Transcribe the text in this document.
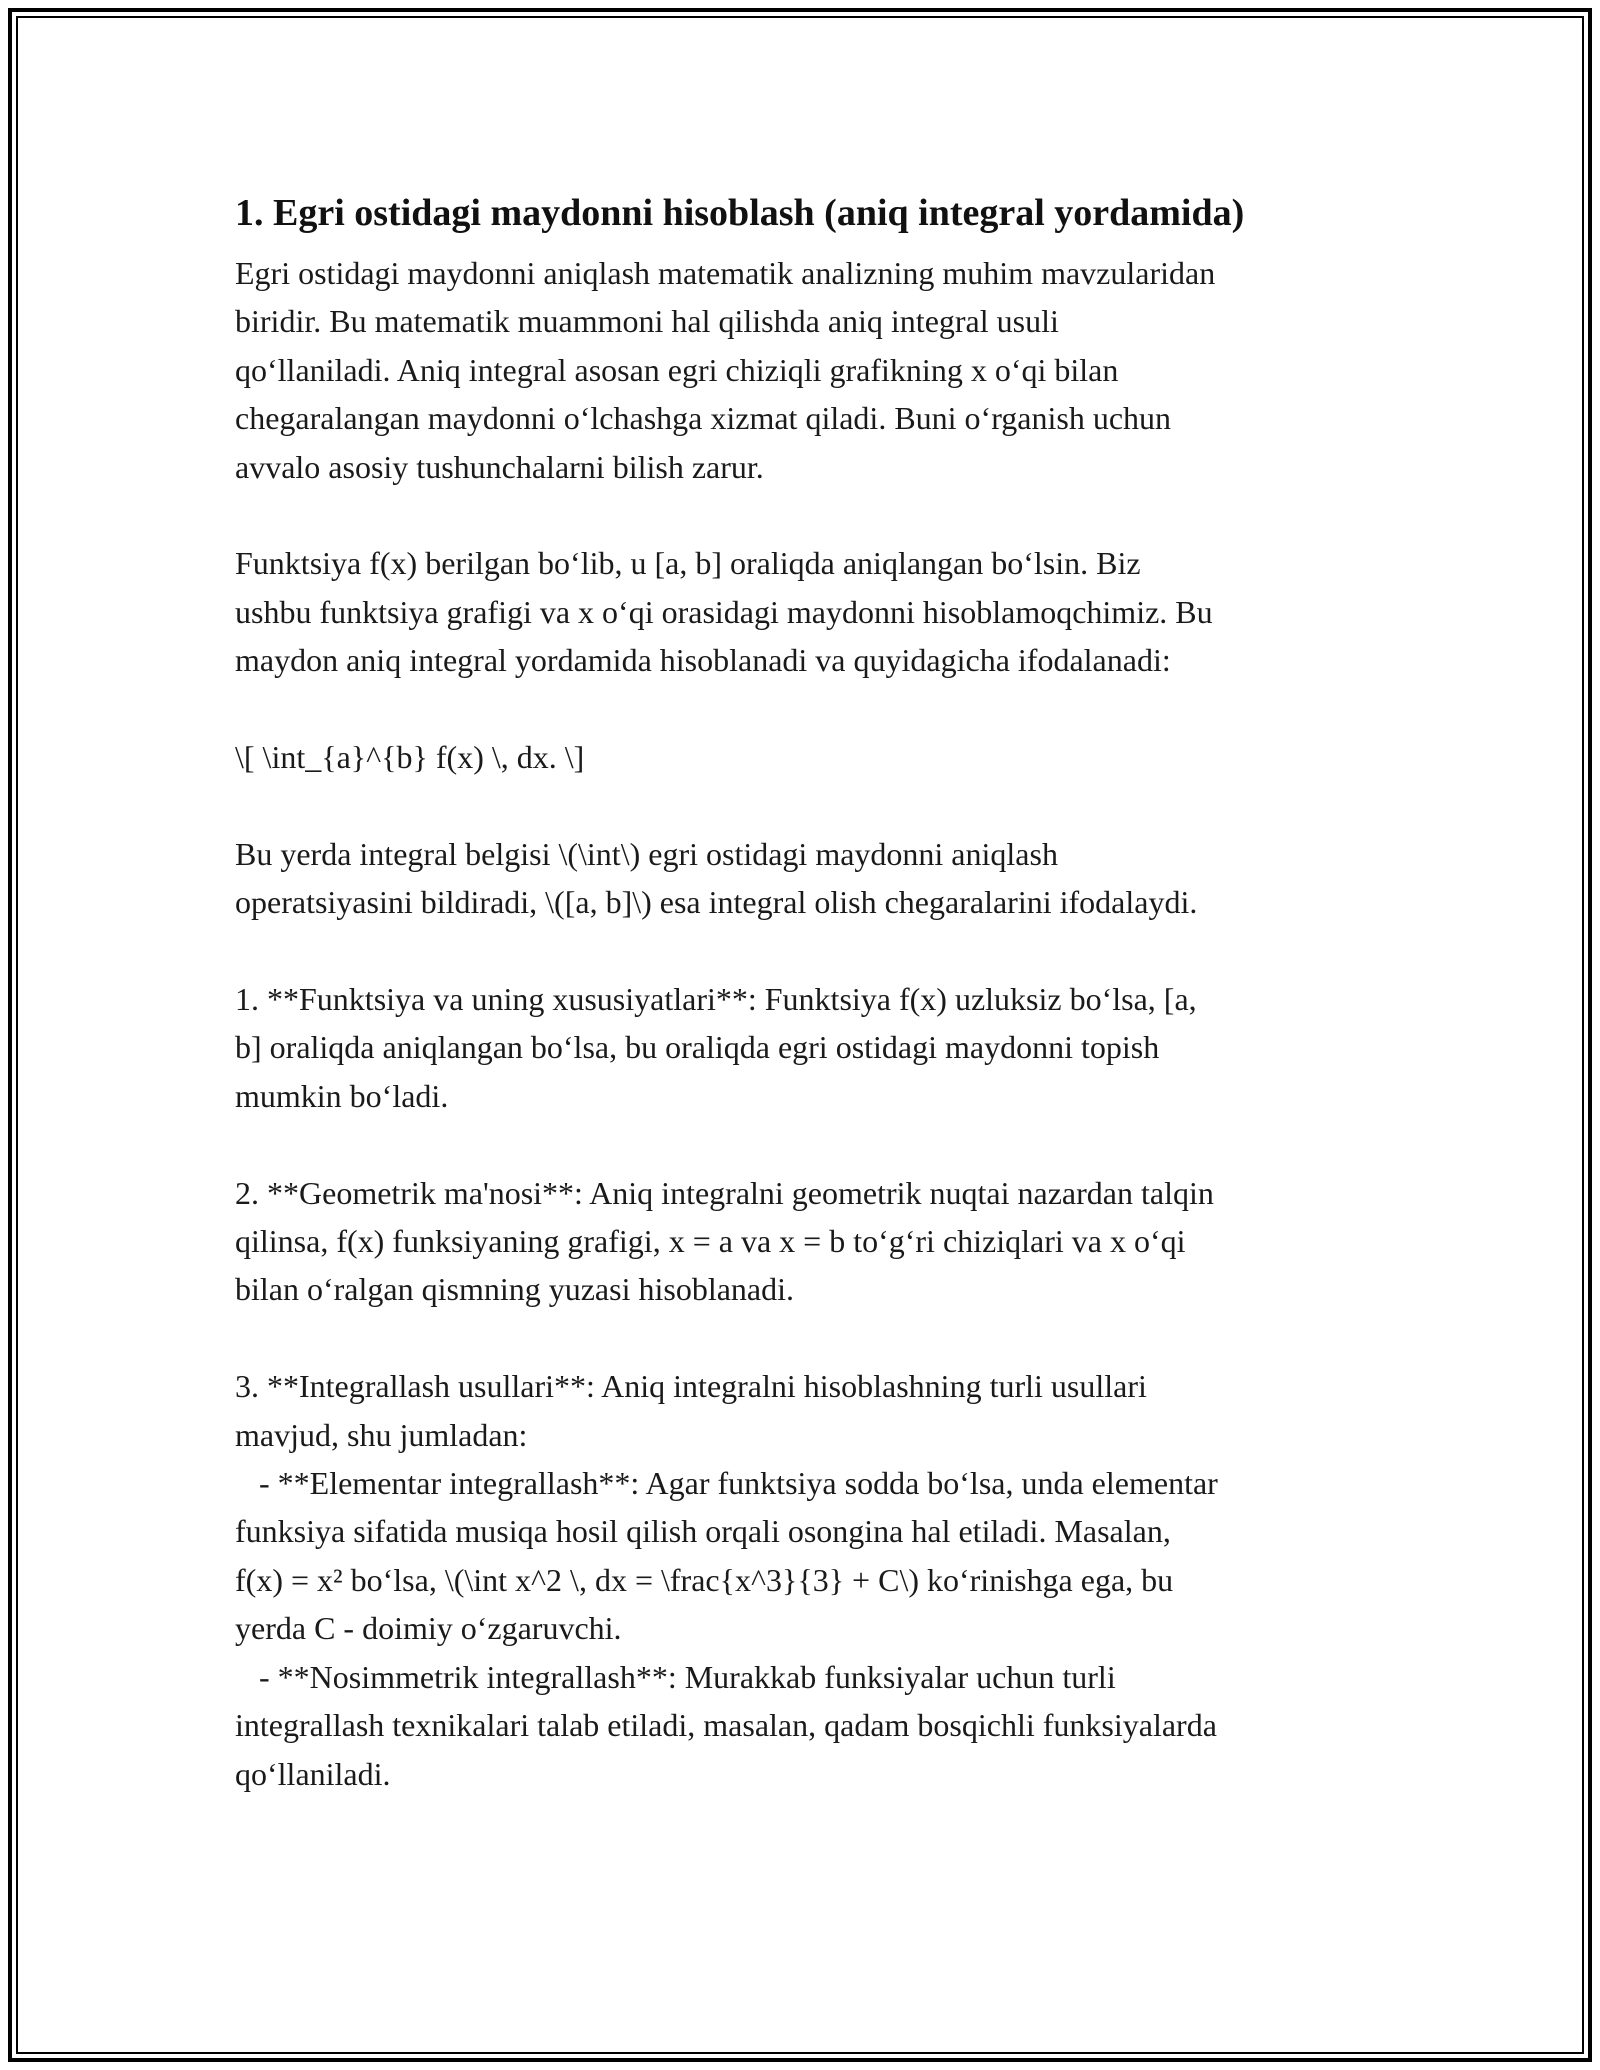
1. Egri ostidagi maydonni hisoblash (aniq integral yordamida)
Egri ostidagi maydonni aniqlash matematik analizning muhim mavzularidan
biridir. Bu matematik muammoni hal qilishda aniq integral usuli
qo‘llaniladi. Aniq integral asosan egri chiziqli grafikning x o‘qi bilan
chegaralangan maydonni o‘lchashga xizmat qiladi. Buni o‘rganish uchun
avvalo asosiy tushunchalarni bilish zarur.
Funktsiya f(x) berilgan bo‘lib, u [a, b] oraliqda aniqlangan bo‘lsin. Biz
ushbu funktsiya grafigi va x o‘qi orasidagi maydonni hisoblamoqchimiz. Bu
maydon aniq integral yordamida hisoblanadi va quyidagicha ifodalanadi:
\[ \int_{a}^{b} f(x) \, dx. \]
Bu yerda integral belgisi \(\int\) egri ostidagi maydonni aniqlash
operatsiyasini bildiradi, \([a, b]\) esa integral olish chegaralarini ifodalaydi.
1. **Funktsiya va uning xususiyatlari**: Funktsiya f(x) uzluksiz bo‘lsa, [a,
b] oraliqda aniqlangan bo‘lsa, bu oraliqda egri ostidagi maydonni topish
mumkin bo‘ladi.
2. **Geometrik ma'nosi**: Aniq integralni geometrik nuqtai nazardan talqin
qilinsa, f(x) funksiyaning grafigi, x = a va x = b to‘g‘ri chiziqlari va x o‘qi
bilan o‘ralgan qismning yuzasi hisoblanadi.
3. **Integrallash usullari**: Aniq integralni hisoblashning turli usullari
mavjud, shu jumladan:
- **Elementar integrallash**: Agar funktsiya sodda bo‘lsa, unda elementar
funksiya sifatida musiqa hosil qilish orqali osongina hal etiladi. Masalan,
f(x) = x² bo‘lsa, \(\int x^2 \, dx = \frac{x^3}{3} + C\) ko‘rinishga ega, bu
yerda C - doimiy o‘zgaruvchi.
- **Nosimmetrik integrallash**: Murakkab funksiyalar uchun turli
integrallash texnikalari talab etiladi, masalan, qadam bosqichli funksiyalarda
qo‘llaniladi.
